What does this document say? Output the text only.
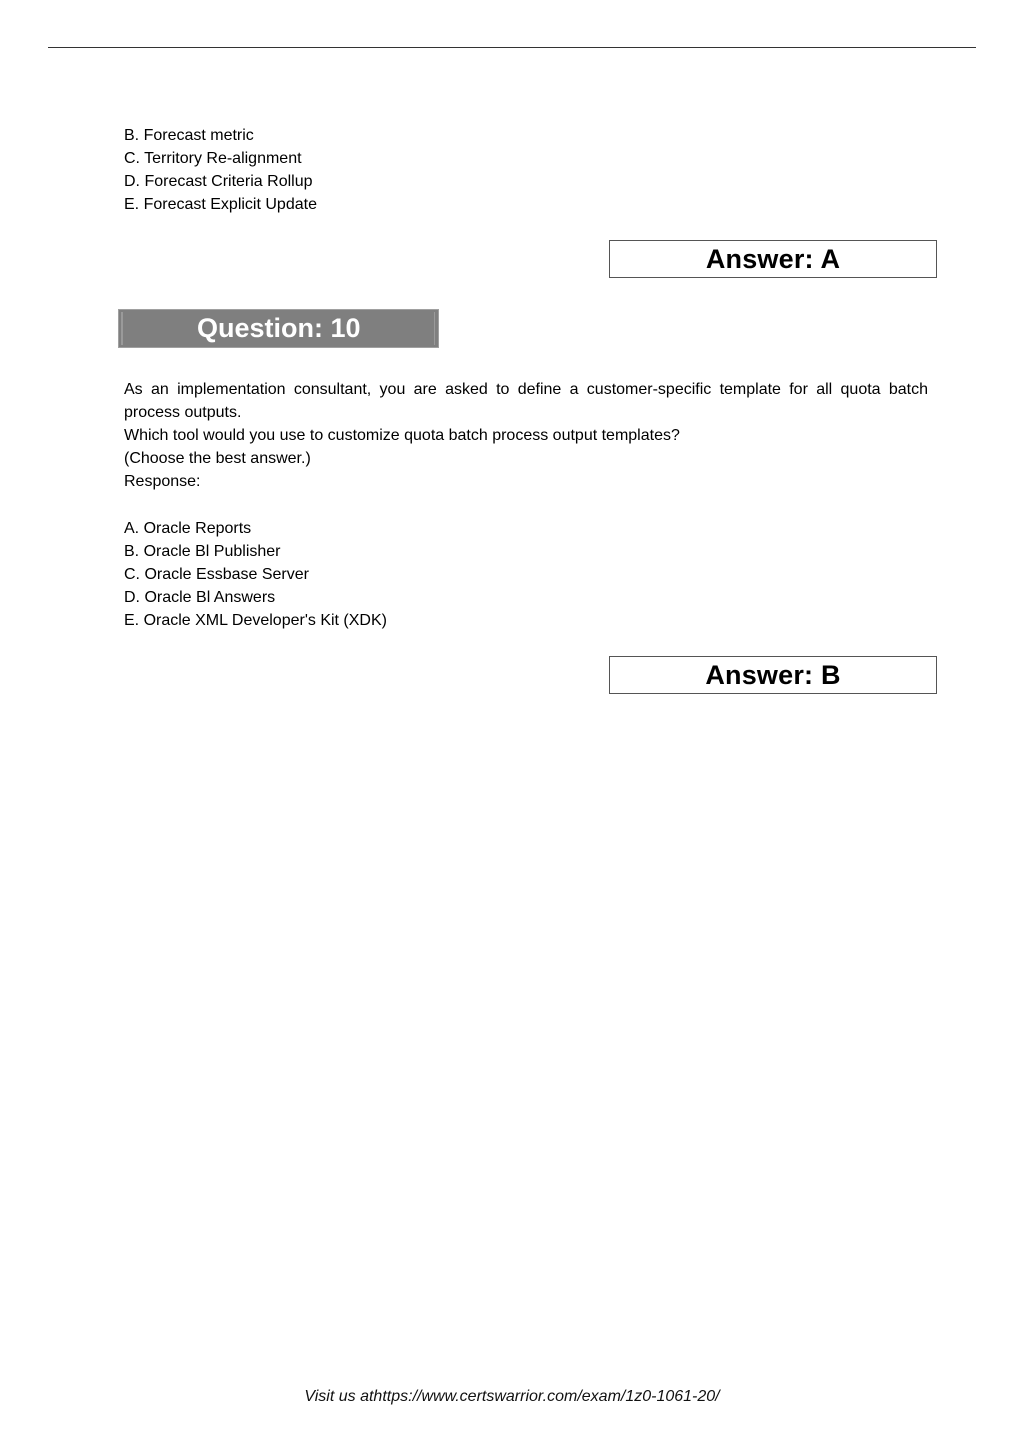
B. Forecast metric
C. Territory Re-alignment
D. Forecast Criteria Rollup
E. Forecast Explicit Update
Answer: A
Question: 10

As an implementation consultant, you are asked to define a customer-specific template for all quota batch process outputs.

Which tool would you use to customize quota batch process output templates?

(Choose the best answer.)

Response:

A. Oracle Reports
B. Oracle Bl Publisher
C. Oracle Essbase Server
D. Oracle Bl Answers
E. Oracle XML Developer's Kit (XDK)
Answer: B
Visit us athttps://www.certswarrior.com/exam/1z0-1061-20/
